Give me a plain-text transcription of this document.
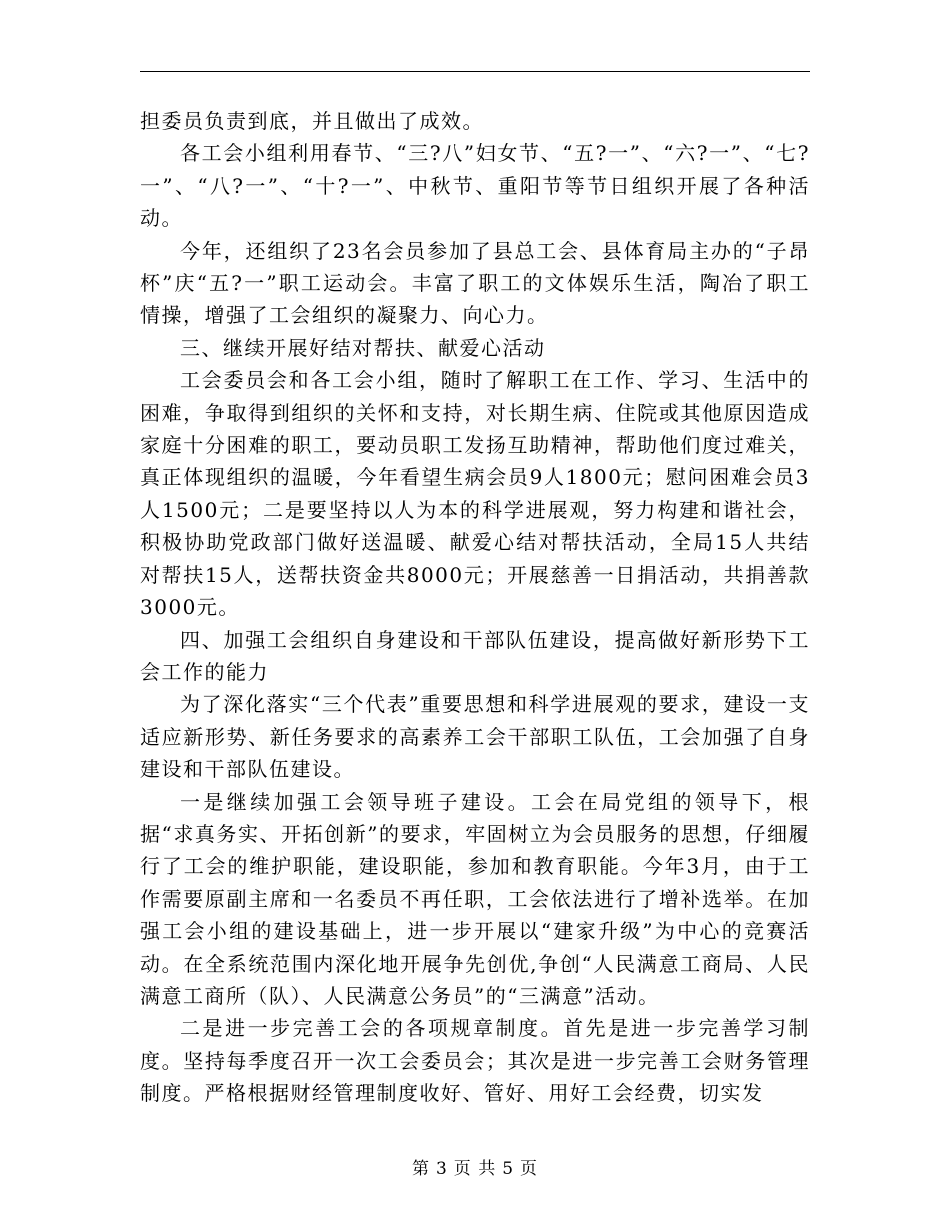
担委员负责到底，并且做出了成效。

各工会小组利用春节、“三?八”妇女节、“五?一”、“六?一”、“七?一”、“八?一”、“十?一”、中秋节、重阳节等节日组织开展了各种活动。

今年，还组织了23名会员参加了县总工会、县体育局主办的“子昂杯”庆“五?一”职工运动会。丰富了职工的文体娱乐生活，陶冶了职工情操，增强了工会组织的凝聚力、向心力。

三、继续开展好结对帮扶、献爱心活动

工会委员会和各工会小组，随时了解职工在工作、学习、生活中的困难，争取得到组织的关怀和支持，对长期生病、住院或其他原因造成家庭十分困难的职工，要动员职工发扬互助精神，帮助他们度过难关，真正体现组织的温暖，今年看望生病会员9人1800元；慰问困难会员3人1500元；二是要坚持以人为本的科学进展观，努力构建和谐社会，积极协助党政部门做好送温暖、献爱心结对帮扶活动，全局15人共结对帮扶15人，送帮扶资金共8000元；开展慈善一日捐活动，共捐善款3000元。

四、加强工会组织自身建设和干部队伍建设，提高做好新形势下工会工作的能力

为了深化落实“三个代表”重要思想和科学进展观的要求，建设一支适应新形势、新任务要求的高素养工会干部职工队伍，工会加强了自身建设和干部队伍建设。

一是继续加强工会领导班子建设。工会在局党组的领导下，根据“求真务实、开拓创新”的要求，牢固树立为会员服务的思想，仔细履行了工会的维护职能，建设职能，参加和教育职能。今年3月，由于工作需要原副主席和一名委员不再任职，工会依法进行了增补选举。在加强工会小组的建设基础上，进一步开展以“建家升级”为中心的竞赛活动。在全系统范围内深化地开展争先创优,争创“人民满意工商局、人民满意工商所（队）、人民满意公务员”的“三满意”活动。

二是进一步完善工会的各项规章制度。首先是进一步完善学习制度。坚持每季度召开一次工会委员会；其次是进一步完善工会财务管理制度。严格根据财经管理制度收好、管好、用好工会经费，切实发

第 3 页 共 5 页
